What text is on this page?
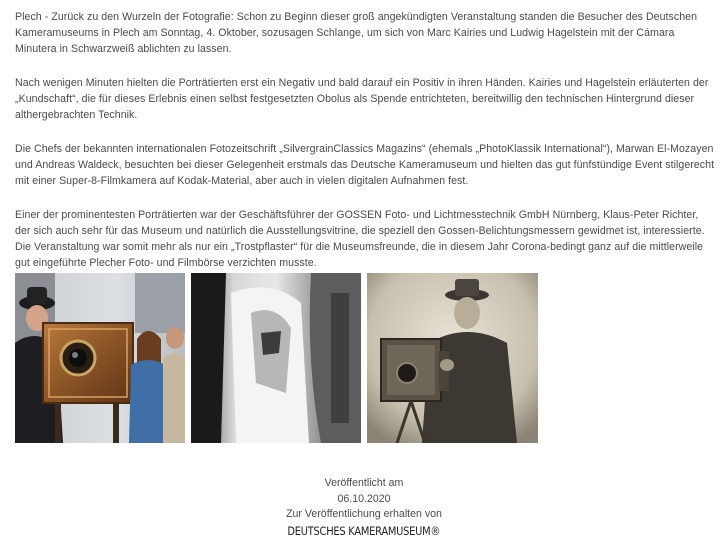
Plech - Zurück zu den Wurzeln der Fotografie: Schon zu Beginn dieser groß angekündigten Veranstaltung standen die Besucher des Deutschen Kameramuseums in Plech am Sonntag, 4. Oktober, sozusagen Schlange, um sich von Marc Kairies und Ludwig Hagelstein mit der Cámara Minutera in Schwarzweiß ablichten zu lassen.

Nach wenigen Minuten hielten die Porträtierten erst ein Negativ und bald darauf ein Positiv in ihren Händen. Kairies und Hagelstein erläuterten der „Kundschaft“, die für dieses Erlebnis einen selbst festgesetzten Obolus als Spende entrichteten, bereitwillig den technischen Hintergrund dieser althergebrachten Technik.

Die Chefs der bekannten internationalen Fotozeitschrift „SilvergrainClassics Magazins“ (ehemals „PhotoKlassik International“), Marwan El-Mozayen und Andreas Waldeck, besuchten bei dieser Gelegenheit erstmals das Deutsche Kameramuseum und hielten das gut fünfstündige Event stilgerecht mit einer Super-8-Filmkamera auf Kodak-Material, aber auch in vielen digitalen Aufnahmen fest.

Einer der prominentesten Porträtierten war der Geschäftsführer der GOSSEN Foto- und Lichtmesstechnik GmbH Nürnberg, Klaus-Peter Richter, der sich auch sehr für das Museum und natürlich die Ausstellungsvitrine, die speziell den Gossen-Belichtungsmessern gewidmet ist, interessierte. Die Veranstaltung war somit mehr als nur ein „Trostpflaster“ für die Museumsfreunde, die in diesem Jahr Corona-bedingt ganz auf die mittlerweile gut eingeführte Plecher Foto- und Filmbörse verzichten musste.

Veröffentlicht am
06.10.2020
Zur Veröffentlichung erhalten von
DEUTSCHES KAMERAMUSEUM®
